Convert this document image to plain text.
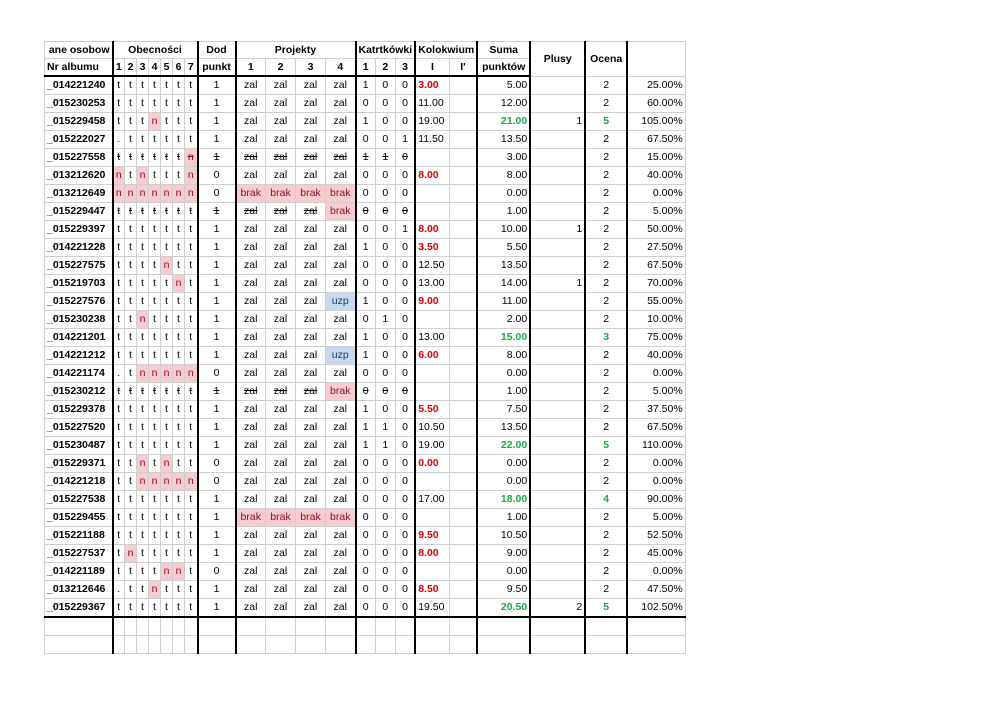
ane osobow	Obecności							Dod	Projekty				Katrtkówki			Kolokwium		Suma	Plusy	Ocena	
Nr albumu	1	2	3	4	5	6	7	punkt	1	2	3	4	1	2	3	I	I'	punktów			
_014221240	t	t	t	t	t	t	t	1	zal	zal	zal	zal	1	0	0	3.00		5.00		2	25.00%
_015230253	t	t	t	t	t	t	t	1	zal	zal	zal	zal	0	0	0	11.00		12.00		2	60.00%
_015229458	t	t	t	n	t	t	t	1	zal	zal	zal	zal	1	0	0	19.00		21.00	1	5	105.00%
_015222027	.	t	t	t	t	t	t	1	zal	zal	zal	zal	0	0	1	11.50		13.50		2	67.50%
_015227558	t	t	t	t	t	t	n	1	zal	zal	zal	zal	1	1	0			3.00		2	15.00%
_013212620	n	t	n	t	t	t	n	0	zal	zal	zal	zal	0	0	0	8.00		8.00		2	40.00%
_013212649	n	n	n	n	n	n	n	0	brak	brak	brak	brak	0	0	0			0.00		2	0.00%
_015229447	t	t	t	t	t	t	t	1	zal	zal	zal	brak	0	0	0			1.00		2	5.00%
_015229397	t	t	t	t	t	t	t	1	zal	zal	zal	zal	0	0	1	8.00		10.00	1	2	50.00%
_014221228	t	t	t	t	t	t	t	1	zal	zal	zal	zal	1	0	0	3.50		5.50		2	27.50%
_015227575	t	t	t	t	n	t	t	1	zal	zal	zal	zal	0	0	0	12.50		13.50		2	67.50%
_015219703	t	t	t	t	t	n	t	1	zal	zal	zal	zal	0	0	0	13.00		14.00	1	2	70.00%
_015227576	t	t	t	t	t	t	t	1	zal	zal	zal	uzp	1	0	0	9.00		11.00		2	55.00%
_015230238	t	t	n	t	t	t	t	1	zal	zal	zal	zal	0	1	0			2.00		2	10.00%
_014221201	t	t	t	t	t	t	t	1	zal	zal	zal	zal	1	0	0	13.00		15.00		3	75.00%
_014221212	t	t	t	t	t	t	t	1	zal	zal	zal	uzp	1	0	0	6.00		8.00		2	40.00%
_014221174	.	t	n	n	n	n	n	0	zal	zal	zal	zal	0	0	0			0.00		2	0.00%
_015230212	t	t	t	t	t	t	t	1	zal	zal	zal	brak	0	0	0			1.00		2	5.00%
_015229378	t	t	t	t	t	t	t	1	zal	zal	zal	zal	1	0	0	5.50		7.50		2	37.50%
_015227520	t	t	t	t	t	t	t	1	zal	zal	zal	zal	1	1	0	10.50		13.50		2	67.50%
_015230487	t	t	t	t	t	t	t	1	zal	zal	zal	zal	1	1	0	19.00		22.00		5	110.00%
_015229371	t	t	n	t	n	t	t	0	zal	zal	zal	zal	0	0	0	0.00		0.00		2	0.00%
_014221218	t	t	n	n	n	n	n	0	zal	zal	zal	zal	0	0	0			0.00		2	0.00%
_015227538	t	t	t	t	t	t	t	1	zal	zal	zal	zal	0	0	0	17.00		18.00		4	90.00%
_015229455	t	t	t	t	t	t	t	1	brak	brak	brak	brak	0	0	0			1.00		2	5.00%
_015221188	t	t	t	t	t	t	t	1	zal	zal	zal	zal	0	0	0	9.50		10.50		2	52.50%
_015227537	t	n	t	t	t	t	t	1	zal	zal	zal	zal	0	0	0	8.00		9.00		2	45.00%
_014221189	t	t	t	t	n	n	t	0	zal	zal	zal	zal	0	0	0			0.00		2	0.00%
_013212646	.	t	t	n	t	t	t	1	zal	zal	zal	zal	0	0	0	8.50		9.50		2	47.50%
_015229367	t	t	t	t	t	t	t	1	zal	zal	zal	zal	0	0	0	19.50		20.50	2	5	102.50%
